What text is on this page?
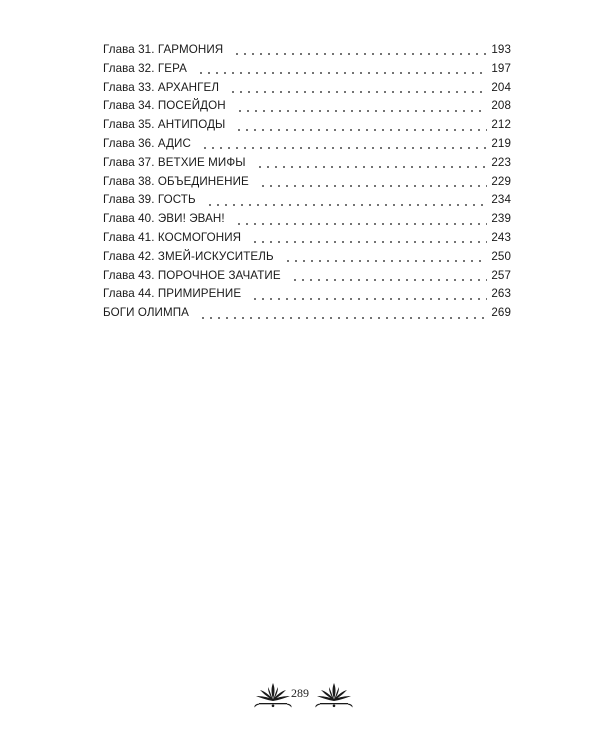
Глава 31. ГАРМОНИЯ	193
Глава 32. ГЕРА	197
Глава 33. АРХАНГЕЛ	204
Глава 34. ПОСЕЙДОН	208
Глава 35. АНТИПОДЫ	212
Глава 36. АДИС	219
Глава 37. ВЕТХИЕ МИФЫ	223
Глава 38. ОБЪЕДИНЕНИЕ	229
Глава 39. ГОСТЬ	234
Глава 40. ЭВИ! ЭВАН!	239
Глава 41. КОСМОГОНИЯ	243
Глава 42. ЗМЕЙ-ИСКУСИТЕЛЬ	250
Глава 43. ПОРОЧНОЕ ЗАЧАТИЕ	257
Глава 44. ПРИМИРЕНИЕ	263
БОГИ ОЛИМПА	269
289
